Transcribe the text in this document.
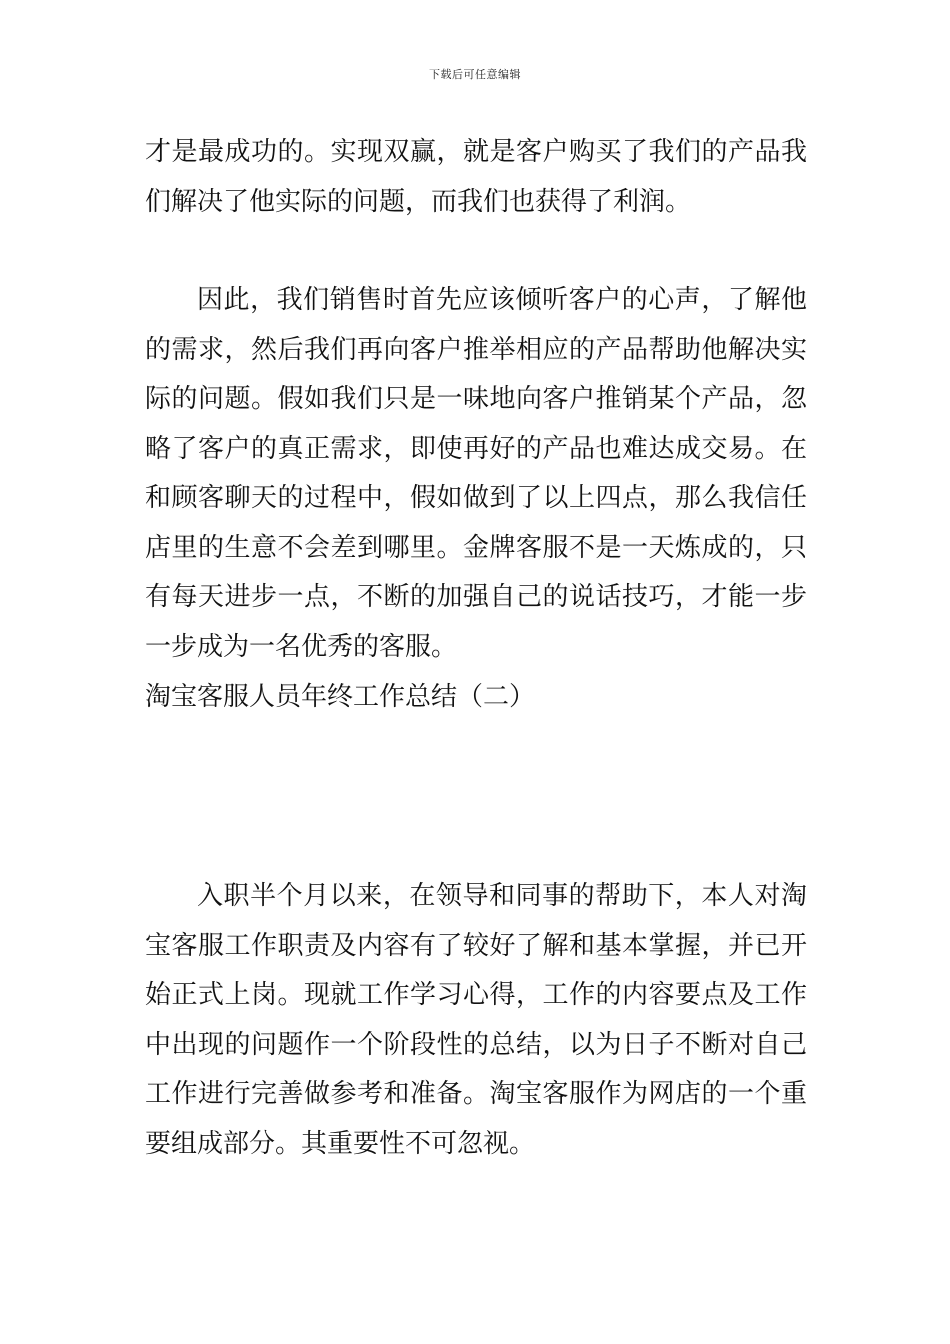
下载后可任意编辑

才是最成功的。实现双赢，就是客户购买了我们的产品我们解决了他实际的问题，而我们也获得了利润。

因此，我们销售时首先应该倾听客户的心声，了解他的需求，然后我们再向客户推举相应的产品帮助他解决实际的问题。假如我们只是一味地向客户推销某个产品，忽略了客户的真正需求，即使再好的产品也难达成交易。在和顾客聊天的过程中，假如做到了以上四点，那么我信任店里的生意不会差到哪里。金牌客服不是一天炼成的，只有每天进步一点，不断的加强自己的说话技巧，才能一步一步成为一名优秀的客服。

淘宝客服人员年终工作总结（二）

入职半个月以来，在领导和同事的帮助下，本人对淘宝客服工作职责及内容有了较好了解和基本掌握，并已开始正式上岗。现就工作学习心得，工作的内容要点及工作中出现的问题作一个阶段性的总结，以为日子不断对自己工作进行完善做参考和准备。淘宝客服作为网店的一个重要组成部分。其重要性不可忽视。
